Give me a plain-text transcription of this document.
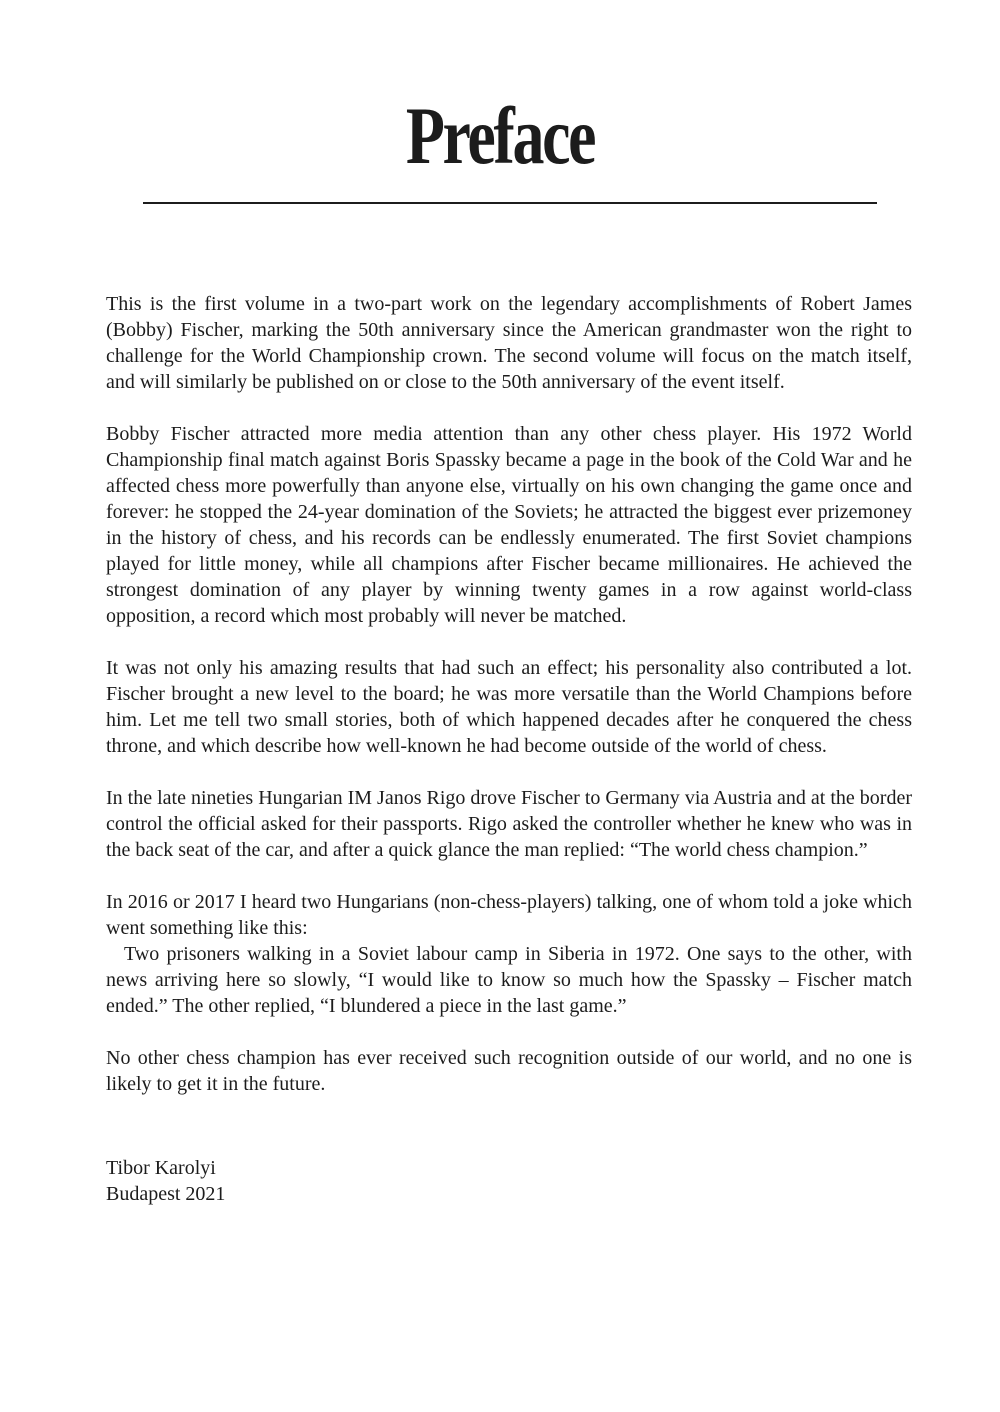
Preface

This is the first volume in a two-part work on the legendary accomplishments of Robert James (Bobby) Fischer, marking the 50th anniversary since the American grandmaster won the right to challenge for the World Championship crown. The second volume will focus on the match itself, and will similarly be published on or close to the 50th anniversary of the event itself.

Bobby Fischer attracted more media attention than any other chess player. His 1972 World Championship final match against Boris Spassky became a page in the book of the Cold War and he affected chess more powerfully than anyone else, virtually on his own changing the game once and forever: he stopped the 24-year domination of the Soviets; he attracted the biggest ever prizemoney in the history of chess, and his records can be endlessly enumerated. The first Soviet champions played for little money, while all champions after Fischer became millionaires. He achieved the strongest domination of any player by winning twenty games in a row against world-class opposition, a record which most probably will never be matched.

It was not only his amazing results that had such an effect; his personality also contributed a lot. Fischer brought a new level to the board; he was more versatile than the World Champions before him. Let me tell two small stories, both of which happened decades after he conquered the chess throne, and which describe how well-known he had become outside of the world of chess.

In the late nineties Hungarian IM Janos Rigo drove Fischer to Germany via Austria and at the border control the official asked for their passports. Rigo asked the controller whether he knew who was in the back seat of the car, and after a quick glance the man replied: “The world chess champion.”

In 2016 or 2017 I heard two Hungarians (non-chess-players) talking, one of whom told a joke which went something like this:

Two prisoners walking in a Soviet labour camp in Siberia in 1972. One says to the other, with news arriving here so slowly, “I would like to know so much how the Spassky – Fischer match ended.” The other replied, “I blundered a piece in the last game.”

No other chess champion has ever received such recognition outside of our world, and no one is likely to get it in the future.

Tibor Karolyi
Budapest 2021
